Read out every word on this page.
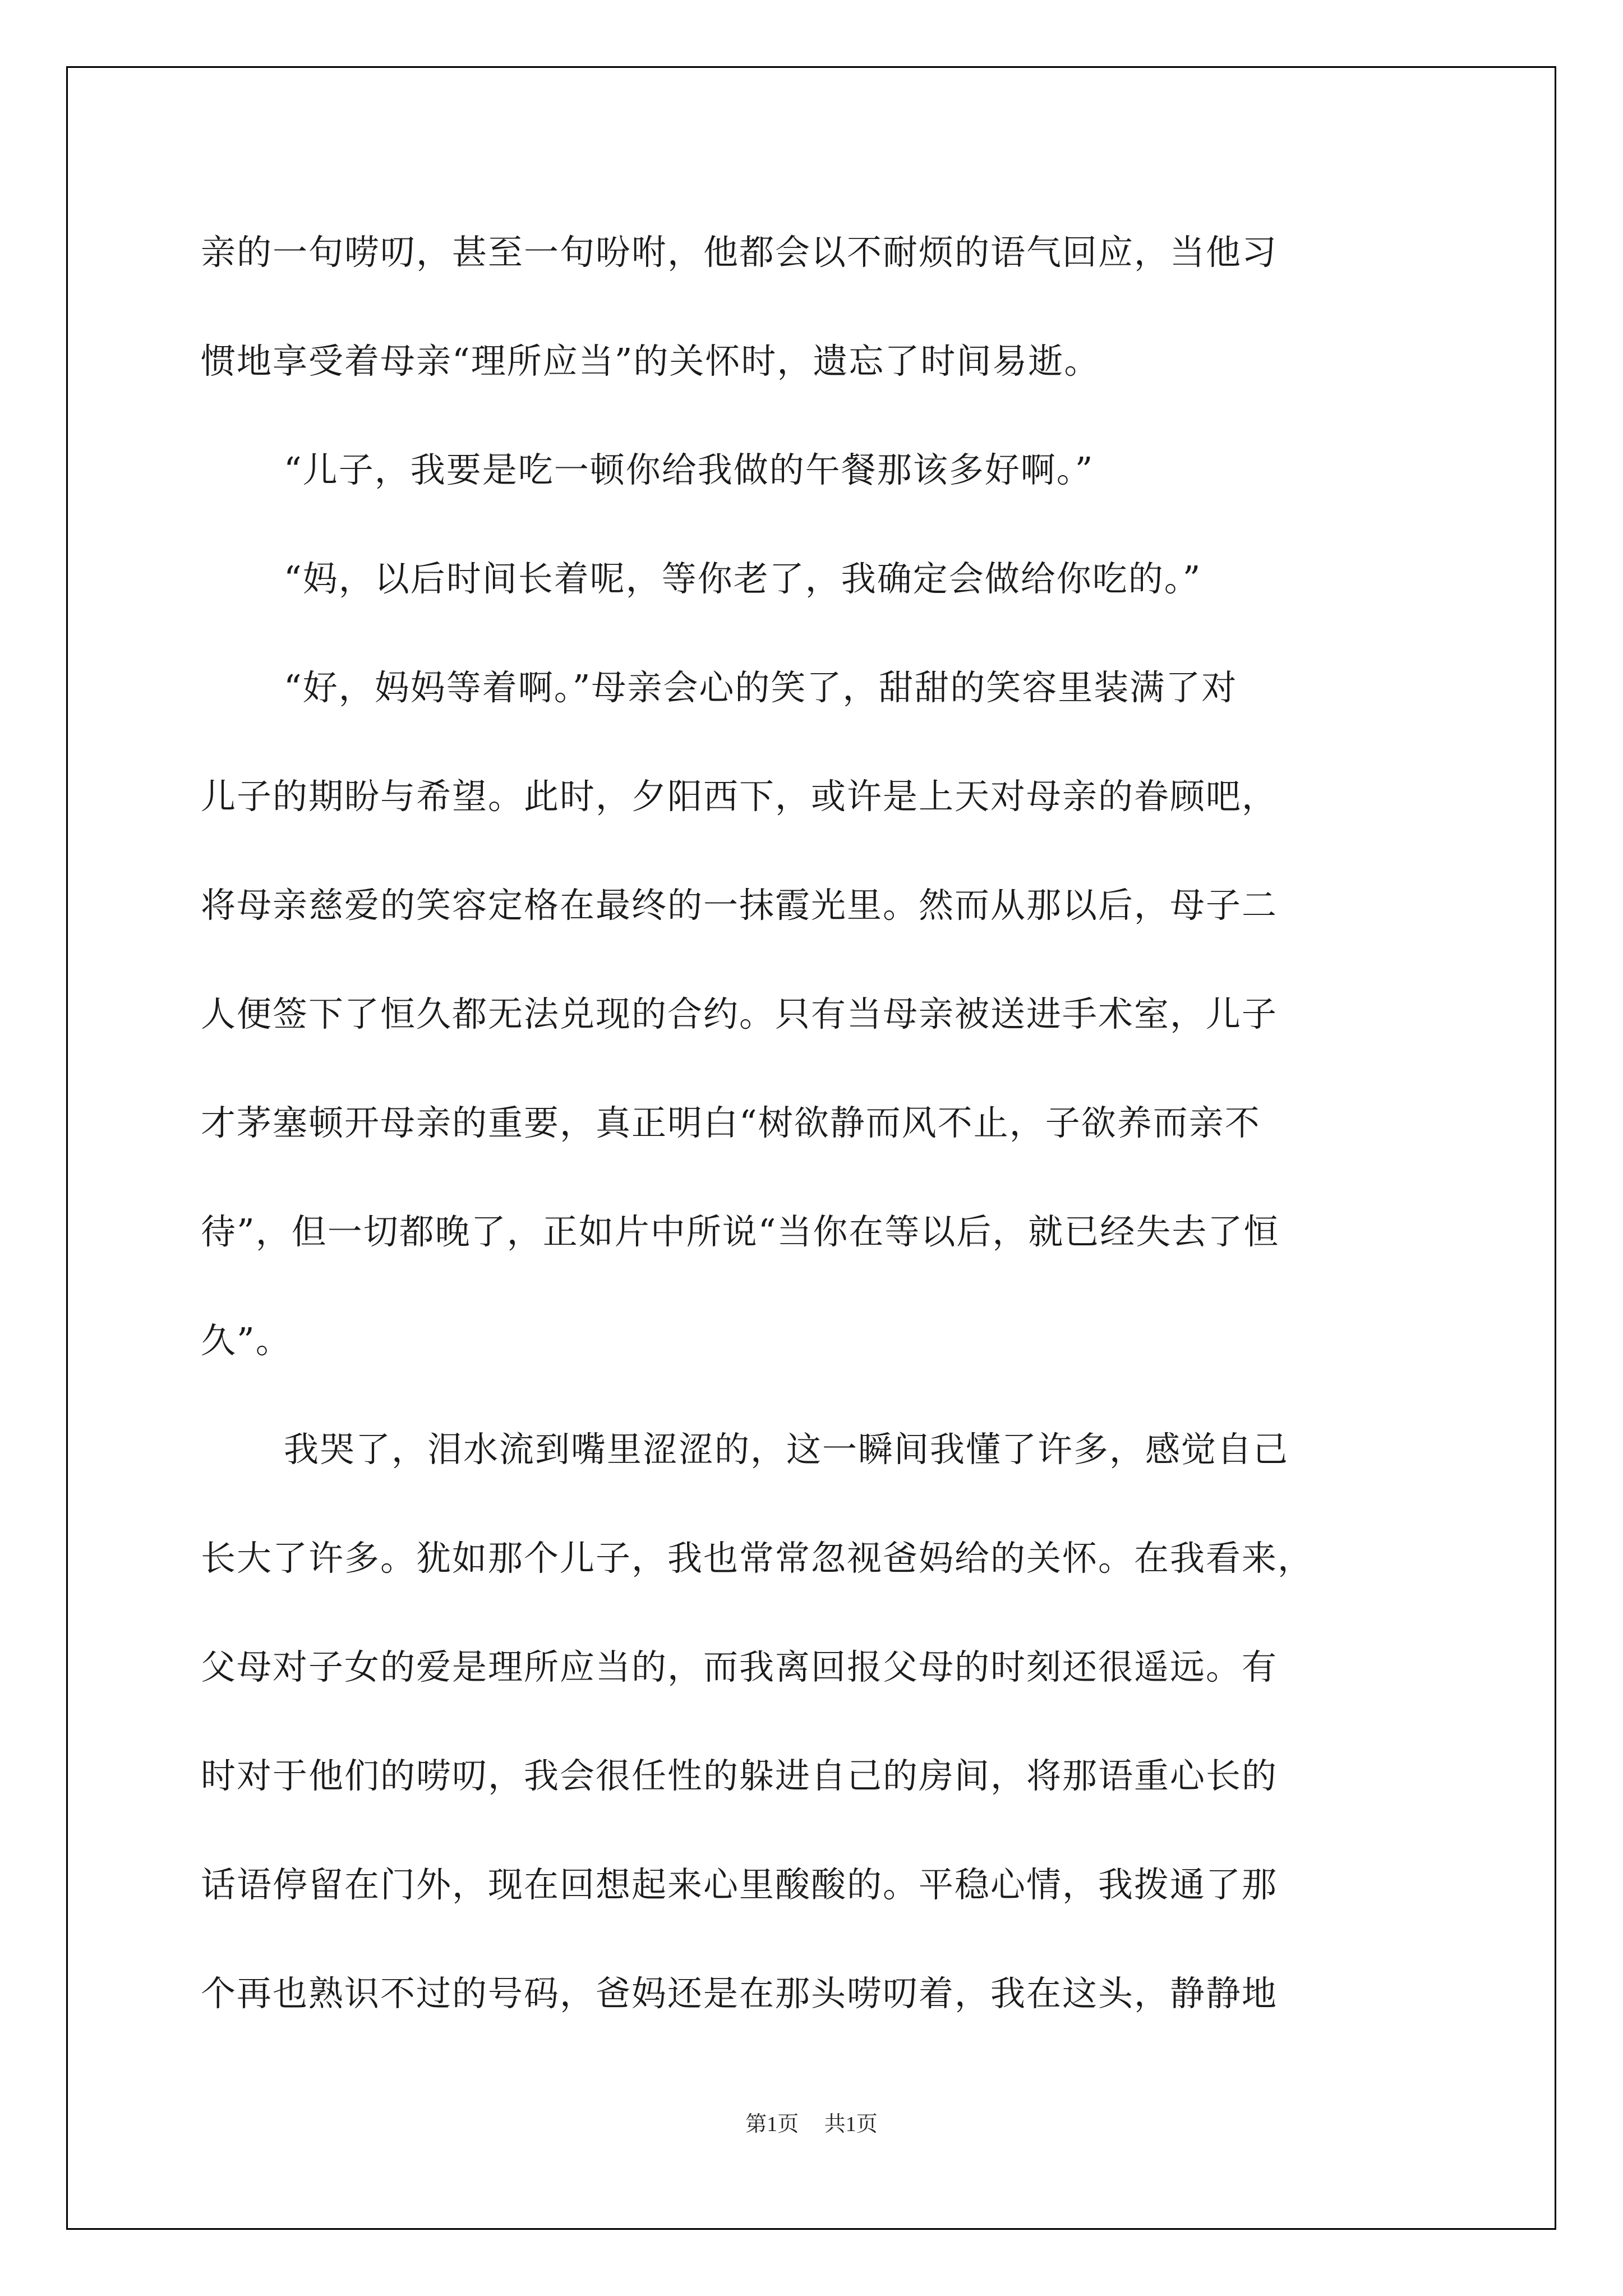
亲的一句唠叨，甚至一句吩咐，他都会以不耐烦的语气回应，当他习
惯地享受着母亲“理所应当”的关怀时，遗忘了时间易逝。
“儿子，我要是吃一顿你给我做的午餐那该多好啊。”
“妈，以后时间长着呢，等你老了，我确定会做给你吃的。”
“好，妈妈等着啊。”母亲会心的笑了，甜甜的笑容里装满了对
儿子的期盼与希望。此时，夕阳西下，或许是上天对母亲的眷顾吧，
将母亲慈爱的笑容定格在最终的一抹霞光里。然而从那以后，母子二
人便签下了恒久都无法兑现的合约。只有当母亲被送进手术室，儿子
才茅塞顿开母亲的重要，真正明白“树欲静而风不止，子欲养而亲不
待”，但一切都晚了，正如片中所说“当你在等以后，就已经失去了恒
久”。
我哭了，泪水流到嘴里涩涩的，这一瞬间我懂了许多，感觉自己
长大了许多。犹如那个儿子，我也常常忽视爸妈给的关怀。在我看来，
父母对子女的爱是理所应当的，而我离回报父母的时刻还很遥远。有
时对于他们的唠叨，我会很任性的躲进自己的房间，将那语重心长的
话语停留在门外，现在回想起来心里酸酸的。平稳心情，我拨通了那
个再也熟识不过的号码，爸妈还是在那头唠叨着，我在这头，静静地
第1页 共1页
